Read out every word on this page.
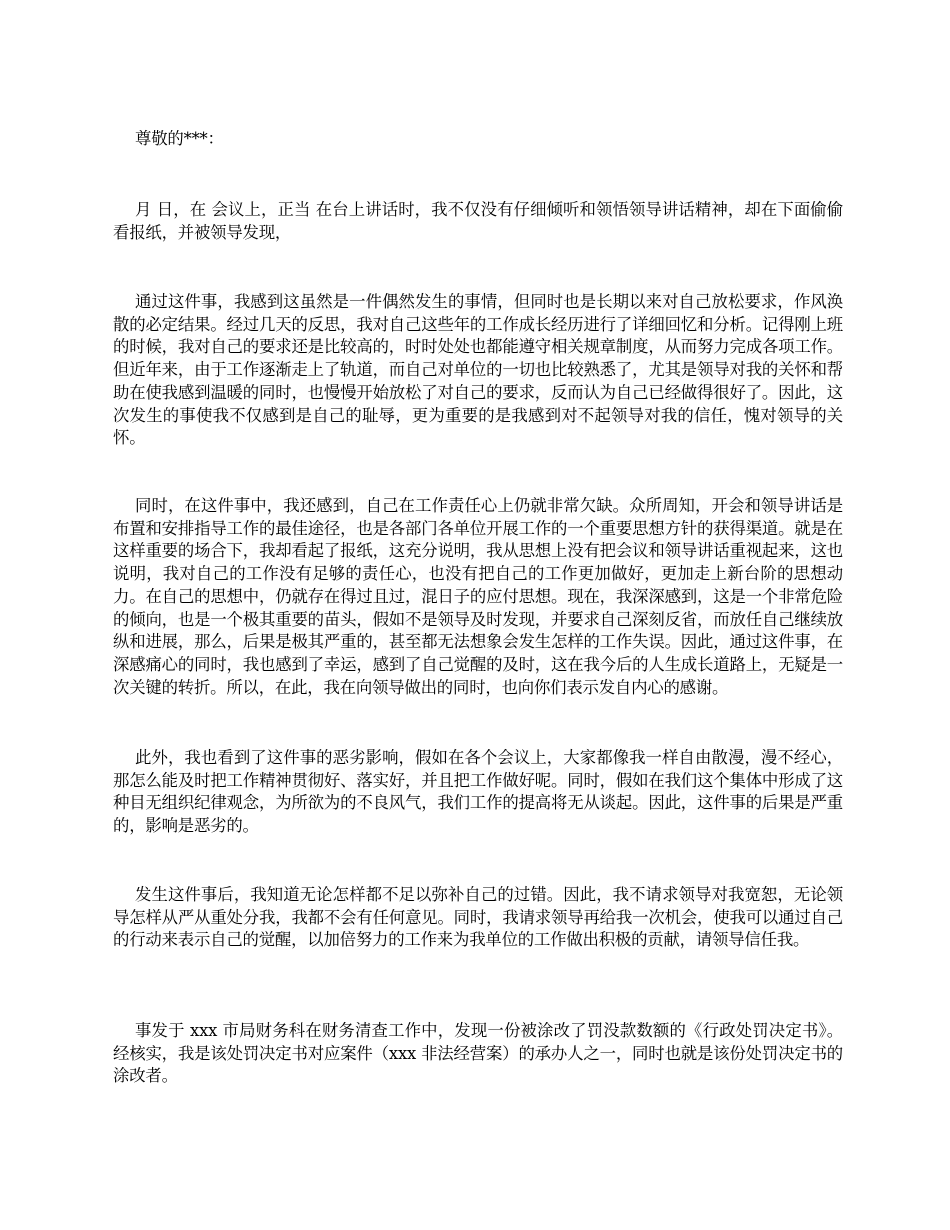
尊敬的***：

月 日，在 会议上，正当 在台上讲话时，我不仅没有仔细倾听和领悟领导讲话精神，却在下面偷偷看报纸，并被领导发现，

通过这件事，我感到这虽然是一件偶然发生的事情，但同时也是长期以来对自己放松要求，作风涣散的必定结果。经过几天的反思，我对自己这些年的工作成长经历进行了详细回忆和分析。记得刚上班的时候，我对自己的要求还是比较高的，时时处处也都能遵守相关规章制度，从而努力完成各项工作。但近年来，由于工作逐渐走上了轨道，而自己对单位的一切也比较熟悉了，尤其是领导对我的关怀和帮助在使我感到温暖的同时，也慢慢开始放松了对自己的要求，反而认为自己已经做得很好了。因此，这次发生的事使我不仅感到是自己的耻辱，更为重要的是我感到对不起领导对我的信任，愧对领导的关怀。

同时，在这件事中，我还感到，自己在工作责任心上仍就非常欠缺。众所周知，开会和领导讲话是布置和安排指导工作的最佳途径，也是各部门各单位开展工作的一个重要思想方针的获得渠道。就是在这样重要的场合下，我却看起了报纸，这充分说明，我从思想上没有把会议和领导讲话重视起来，这也说明，我对自己的工作没有足够的责任心，也没有把自己的工作更加做好，更加走上新台阶的思想动力。在自己的思想中，仍就存在得过且过，混日子的应付思想。现在，我深深感到，这是一个非常危险的倾向，也是一个极其重要的苗头，假如不是领导及时发现，并要求自己深刻反省，而放任自己继续放纵和进展，那么，后果是极其严重的，甚至都无法想象会发生怎样的工作失误。因此，通过这件事，在深感痛心的同时，我也感到了幸运，感到了自己觉醒的及时，这在我今后的人生成长道路上，无疑是一次关键的转折。所以，在此，我在向领导做出的同时，也向你们表示发自内心的感谢。

此外，我也看到了这件事的恶劣影响，假如在各个会议上，大家都像我一样自由散漫，漫不经心，那怎么能及时把工作精神贯彻好、落实好，并且把工作做好呢。同时，假如在我们这个集体中形成了这种目无组织纪律观念，为所欲为的不良风气，我们工作的提高将无从谈起。因此，这件事的后果是严重的，影响是恶劣的。

发生这件事后，我知道无论怎样都不足以弥补自己的过错。因此，我不请求领导对我宽恕，无论领导怎样从严从重处分我，我都不会有任何意见。同时，我请求领导再给我一次机会，使我可以通过自己的行动来表示自己的觉醒，以加倍努力的工作来为我单位的工作做出积极的贡献，请领导信任我。

事发于 xxx 市局财务科在财务清查工作中，发现一份被涂改了罚没款数额的《行政处罚决定书》。经核实，我是该处罚决定书对应案件（xxx 非法经营案）的承办人之一，同时也就是该份处罚决定书的涂改者。
